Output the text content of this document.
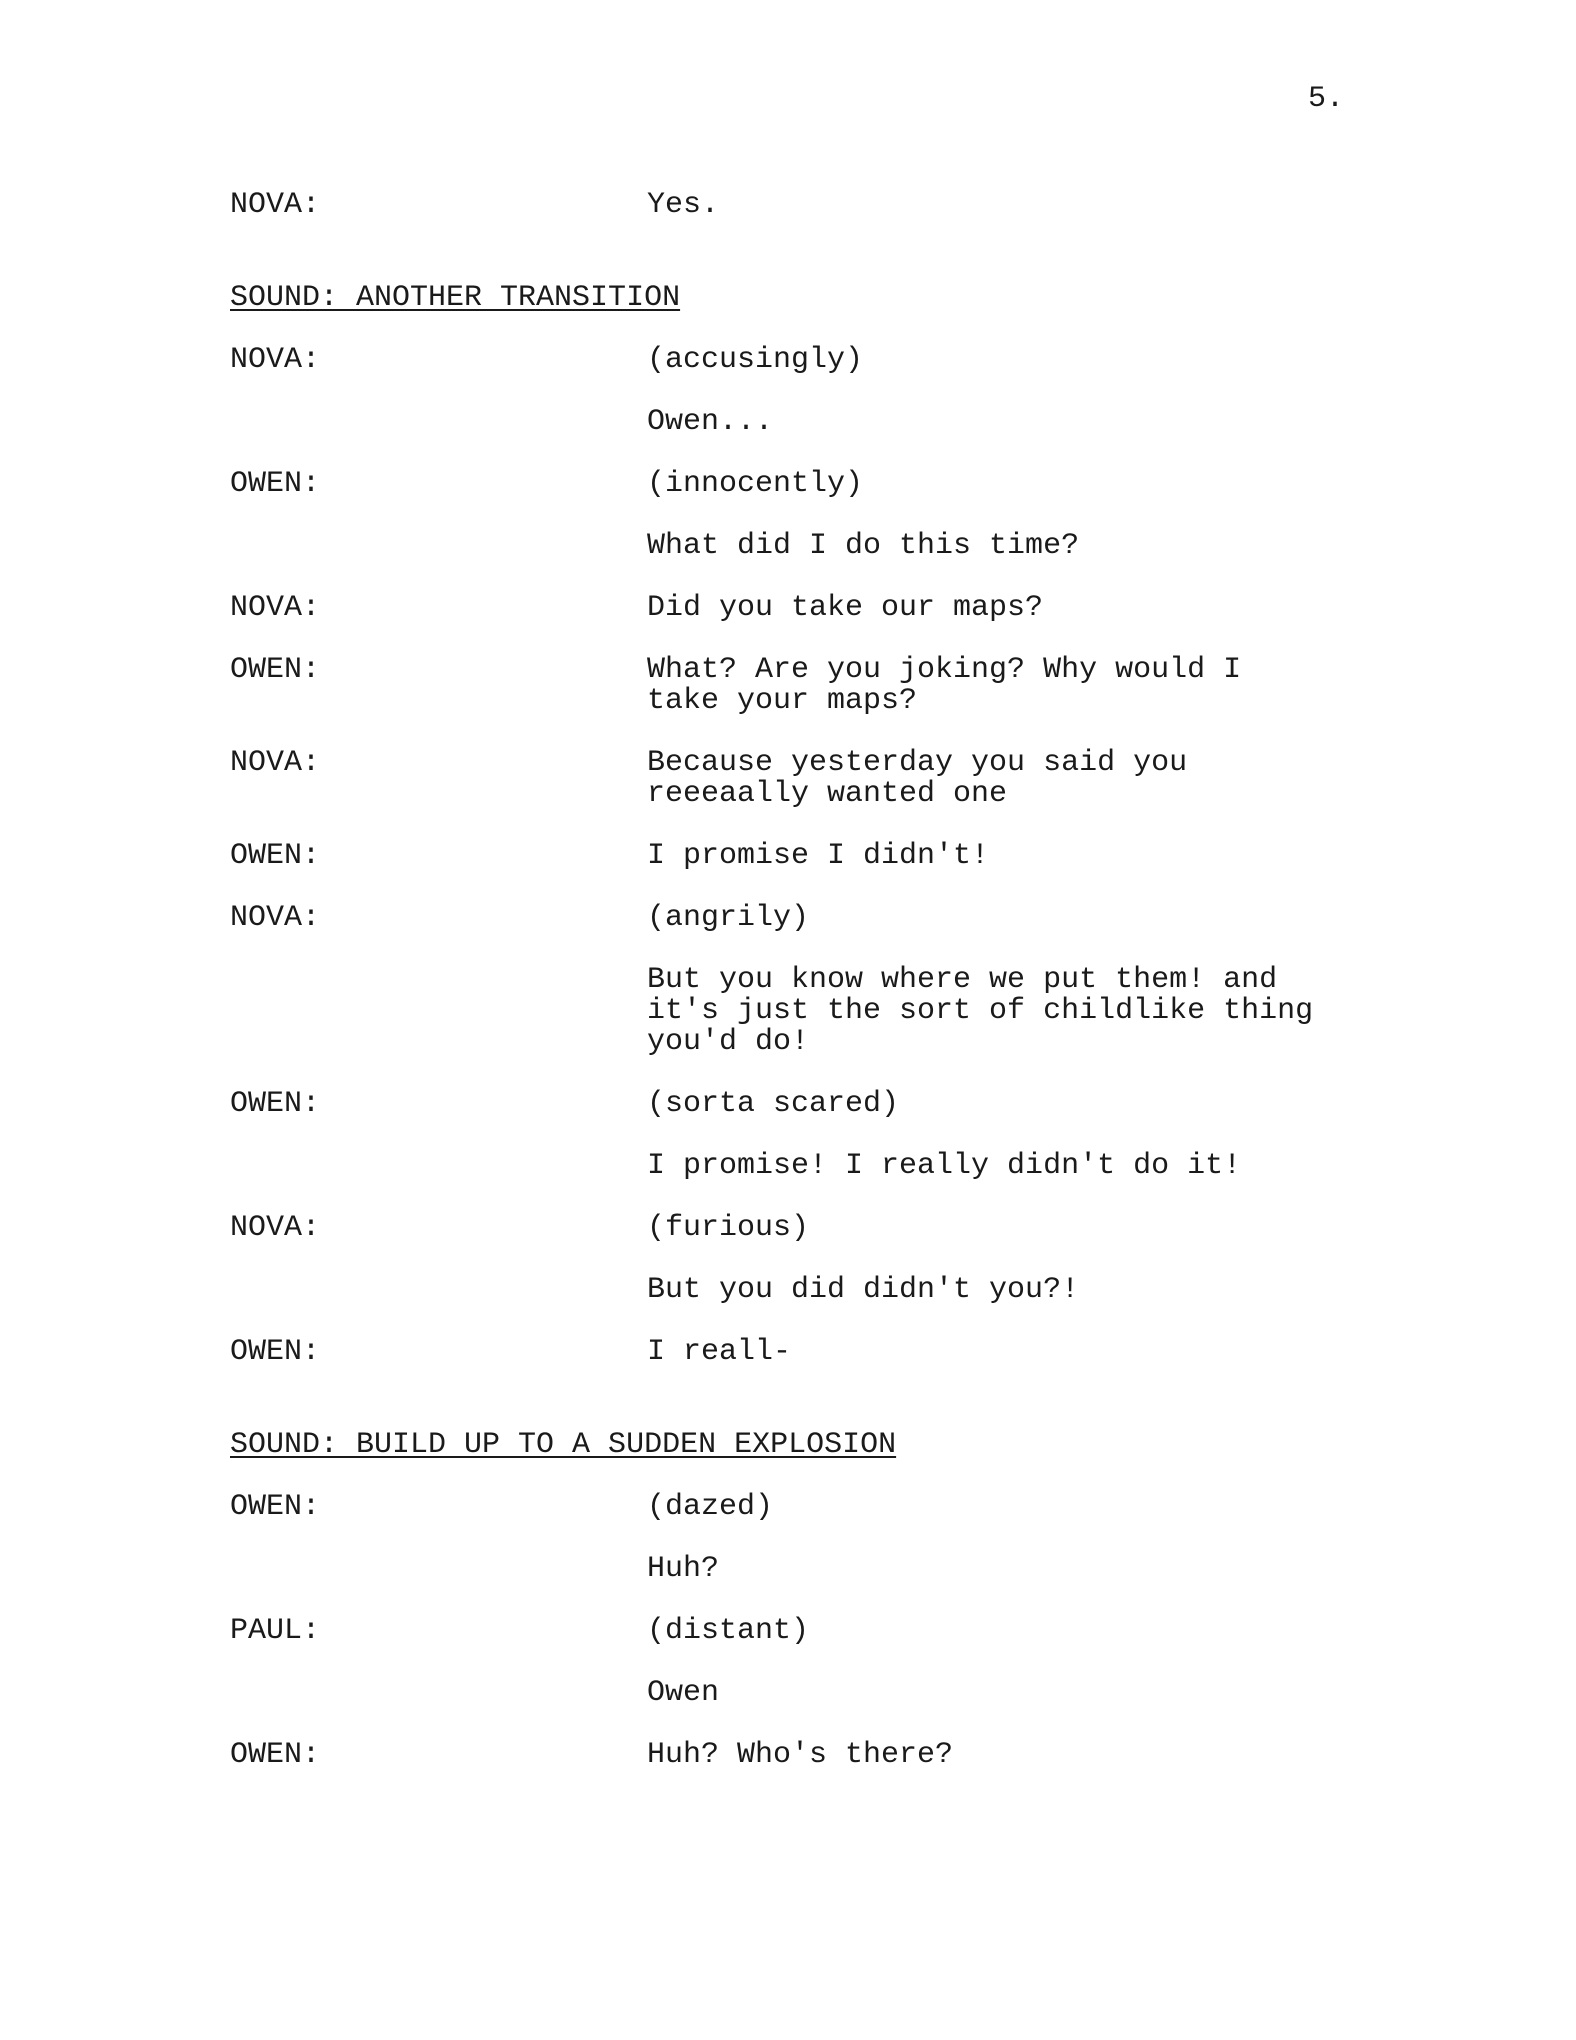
5.
NOVA:	Yes.
SOUND: ANOTHER TRANSITION
NOVA:	(accusingly)
Owen...
OWEN:	(innocently)
What did I do this time?
NOVA:	Did you take our maps?
OWEN:	What? Are you joking? Why would I
take your maps?
NOVA:	Because yesterday you said you
reeeaally wanted one
OWEN:	I promise I didn't!
NOVA:	(angrily)
But you know where we put them! and
it's just the sort of childlike thing
you'd do!
OWEN:	(sorta scared)
I promise! I really didn't do it!
NOVA:	(furious)
But you did didn't you?!
OWEN:	I reall-
SOUND: BUILD UP TO A SUDDEN EXPLOSION
OWEN:	(dazed)
Huh?
PAUL:	(distant)
Owen
OWEN:	Huh? Who's there?
